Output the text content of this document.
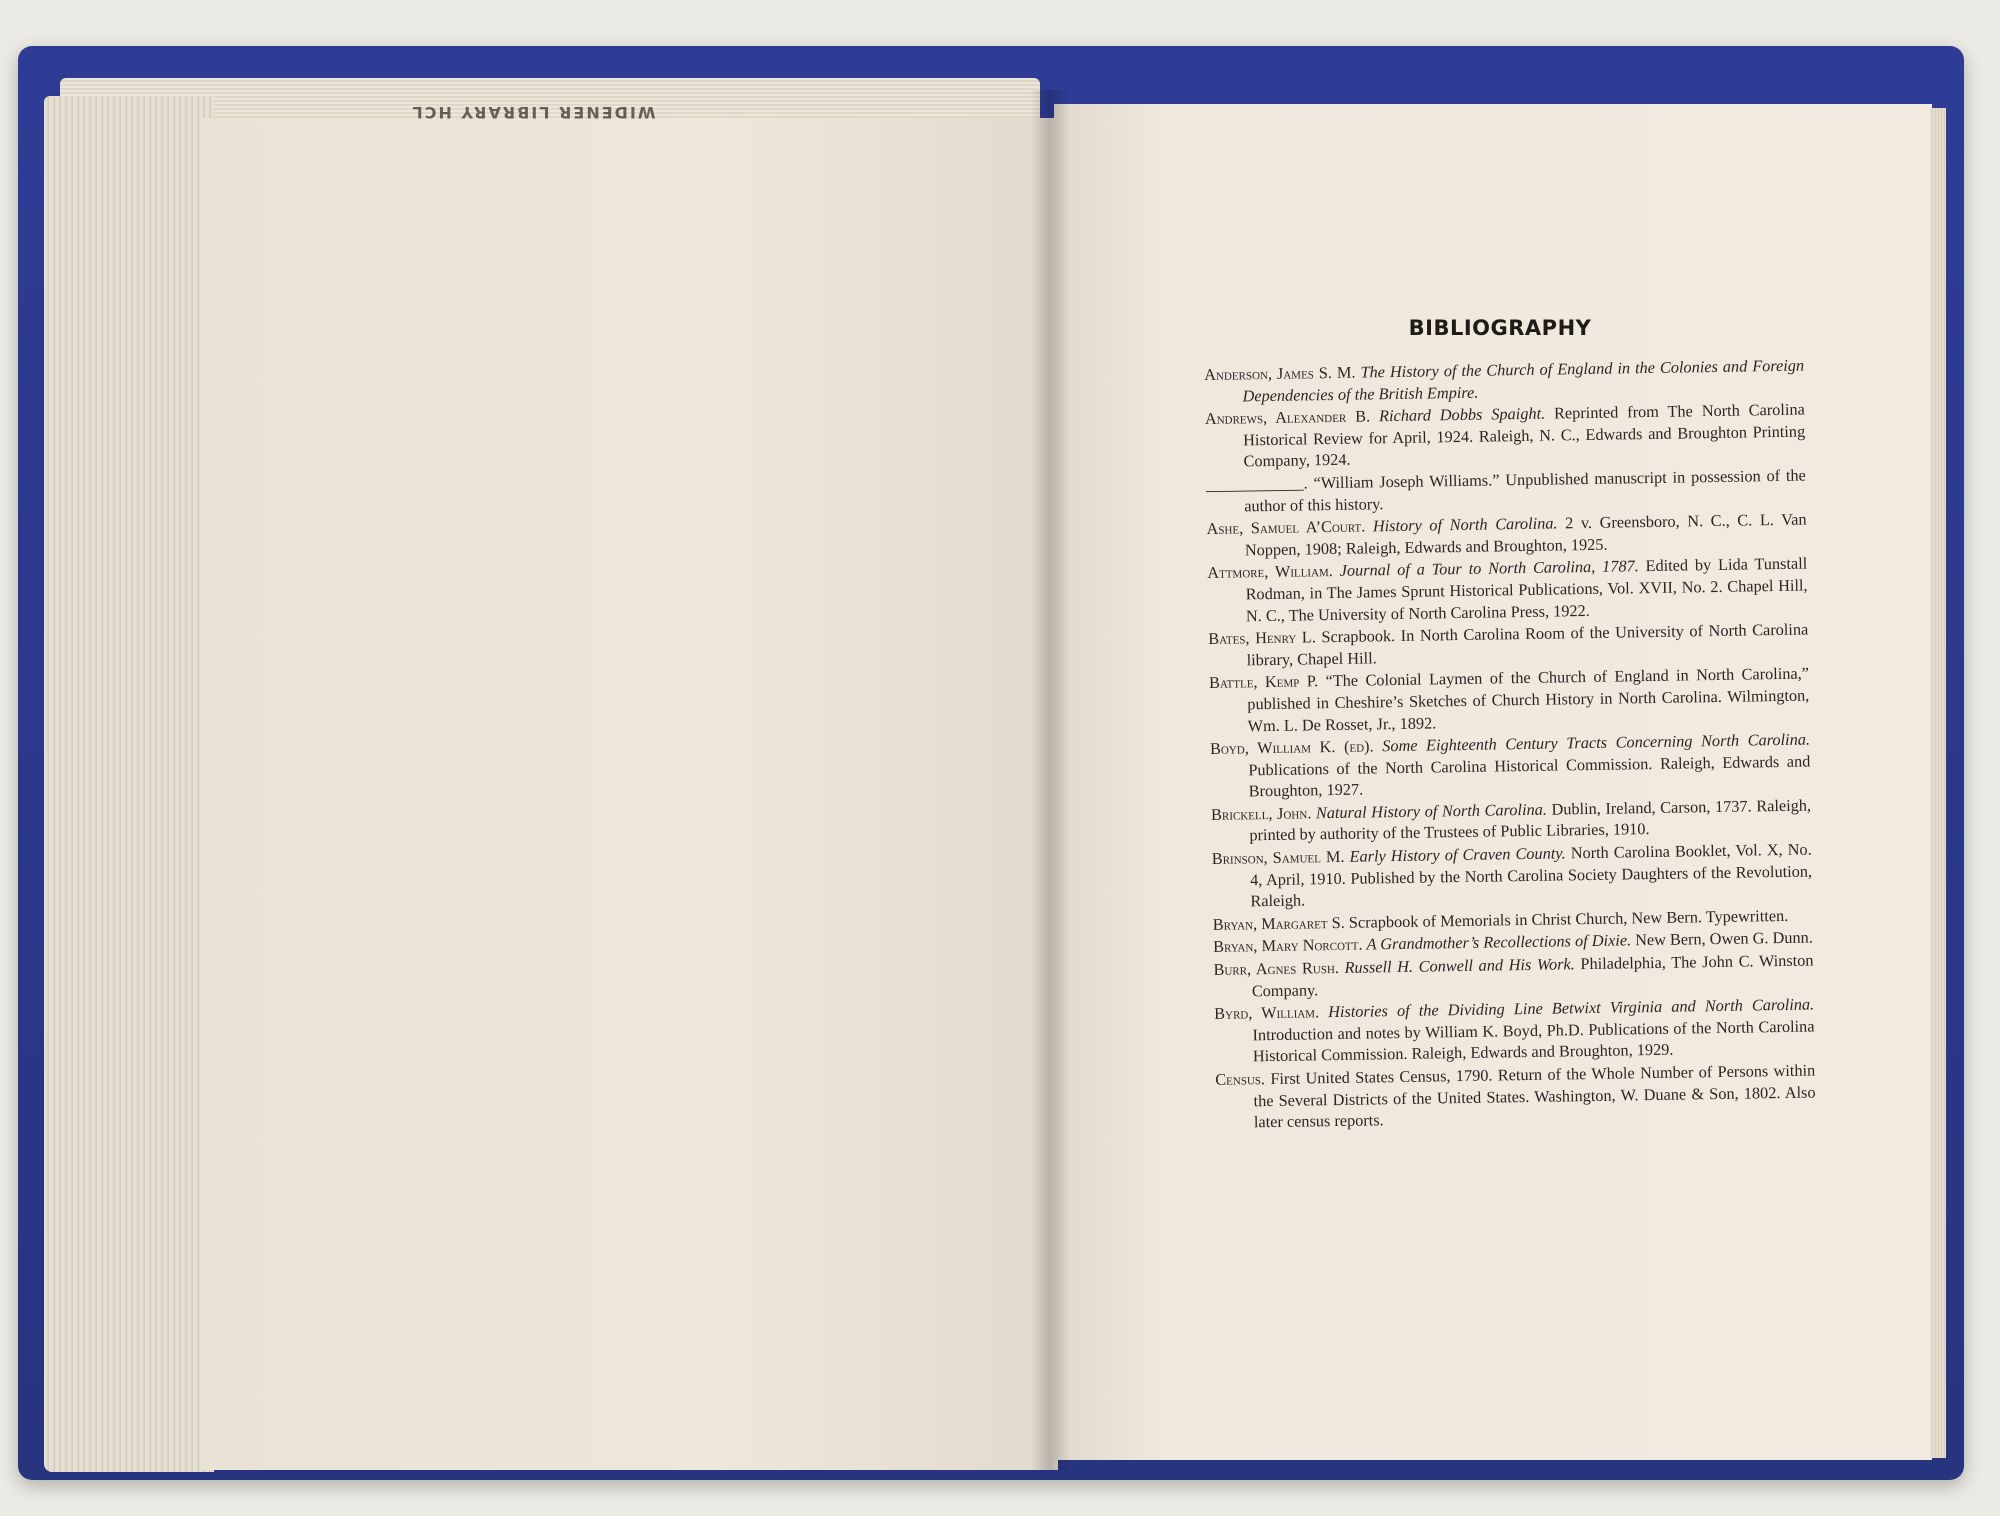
WIDENER LIBRARY HCL
BIBLIOGRAPHY
Anderson, James S. M. The History of the Church of England in the Colonies and Foreign Dependencies of the British Empire.
Andrews, Alexander B. Richard Dobbs Spaight. Reprinted from The North Carolina Historical Review for April, 1924. Raleigh, N. C., Edwards and Broughton Printing Company, 1924.
____________. “William Joseph Williams.” Unpublished manuscript in possession of the author of this history.
Ashe, Samuel A’Court. History of North Carolina. 2 v. Greensboro, N. C., C. L. Van Noppen, 1908; Raleigh, Edwards and Broughton, 1925.
Attmore, William. Journal of a Tour to North Carolina, 1787. Edited by Lida Tunstall Rodman, in The James Sprunt Historical Publications, Vol. XVII, No. 2. Chapel Hill, N. C., The University of North Carolina Press, 1922.
Bates, Henry L. Scrapbook. In North Carolina Room of the University of North Carolina library, Chapel Hill.
Battle, Kemp P. “The Colonial Laymen of the Church of England in North Carolina,” published in Cheshire’s Sketches of Church History in North Carolina. Wilmington, Wm. L. De Rosset, Jr., 1892.
Boyd, William K. (ed). Some Eighteenth Century Tracts Concerning North Carolina. Publications of the North Carolina Historical Commission. Raleigh, Edwards and Broughton, 1927.
Brickell, John. Natural History of North Carolina. Dublin, Ireland, Carson, 1737. Raleigh, printed by authority of the Trustees of Public Libraries, 1910.
Brinson, Samuel M. Early History of Craven County. North Carolina Booklet, Vol. X, No. 4, April, 1910. Published by the North Carolina Society Daughters of the Revolution, Raleigh.
Bryan, Margaret S. Scrapbook of Memorials in Christ Church, New Bern. Typewritten.
Bryan, Mary Norcott. A Grandmother’s Recollections of Dixie. New Bern, Owen G. Dunn.
Burr, Agnes Rush. Russell H. Conwell and His Work. Philadelphia, The John C. Winston Company.
Byrd, William. Histories of the Dividing Line Betwixt Virginia and North Carolina. Introduction and notes by William K. Boyd, Ph.D. Publications of the North Carolina Historical Commission. Raleigh, Edwards and Broughton, 1929.
Census. First United States Census, 1790. Return of the Whole Number of Persons within the Several Districts of the United States. Washington, W. Duane & Son, 1802. Also later census reports.
